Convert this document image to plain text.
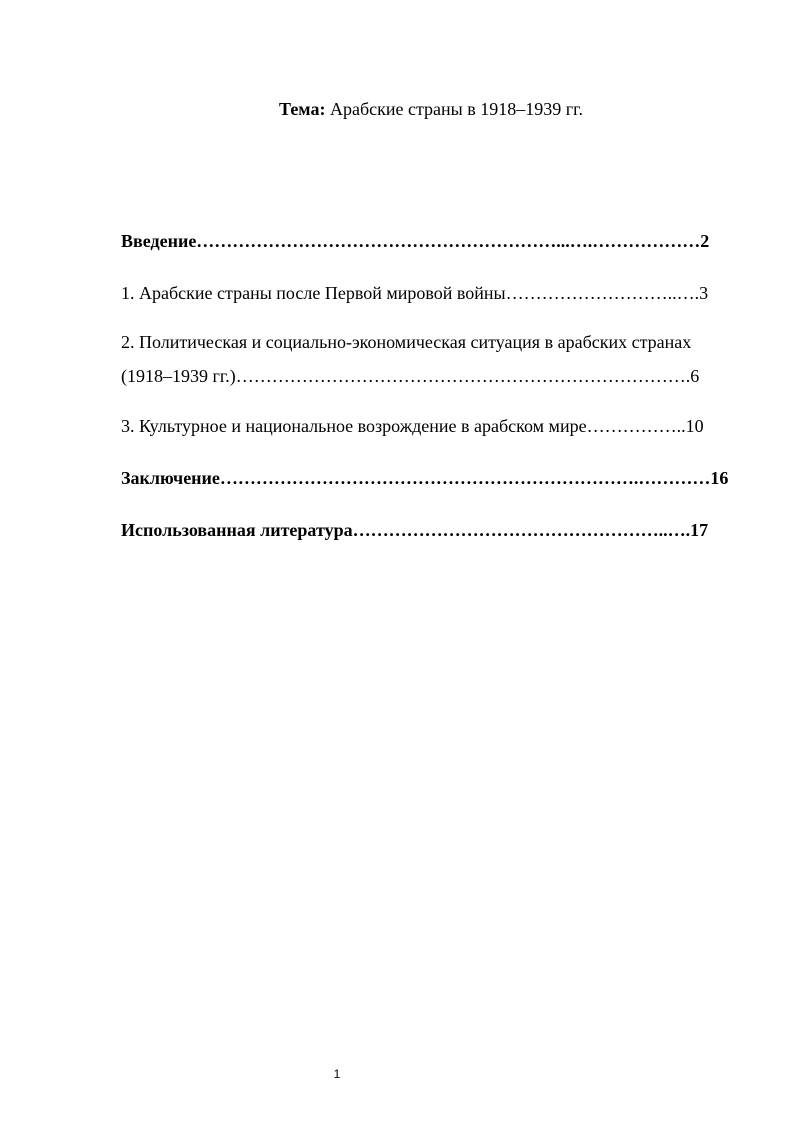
Тема: Арабские страны в 1918–1939 гг.
Введение……………………………………………………...….………………2
1. Арабские страны после Первой мировой войны………………………..….3
2. Политическая и социально-экономическая ситуация в арабских странах
(1918–1939 гг.)………………………………………………………………….6
3. Культурное и национальное возрождение в арабском мире……………..10
Заключение…………………………………………………………….…………16
Использованная литература……………………………………………..….17
1
